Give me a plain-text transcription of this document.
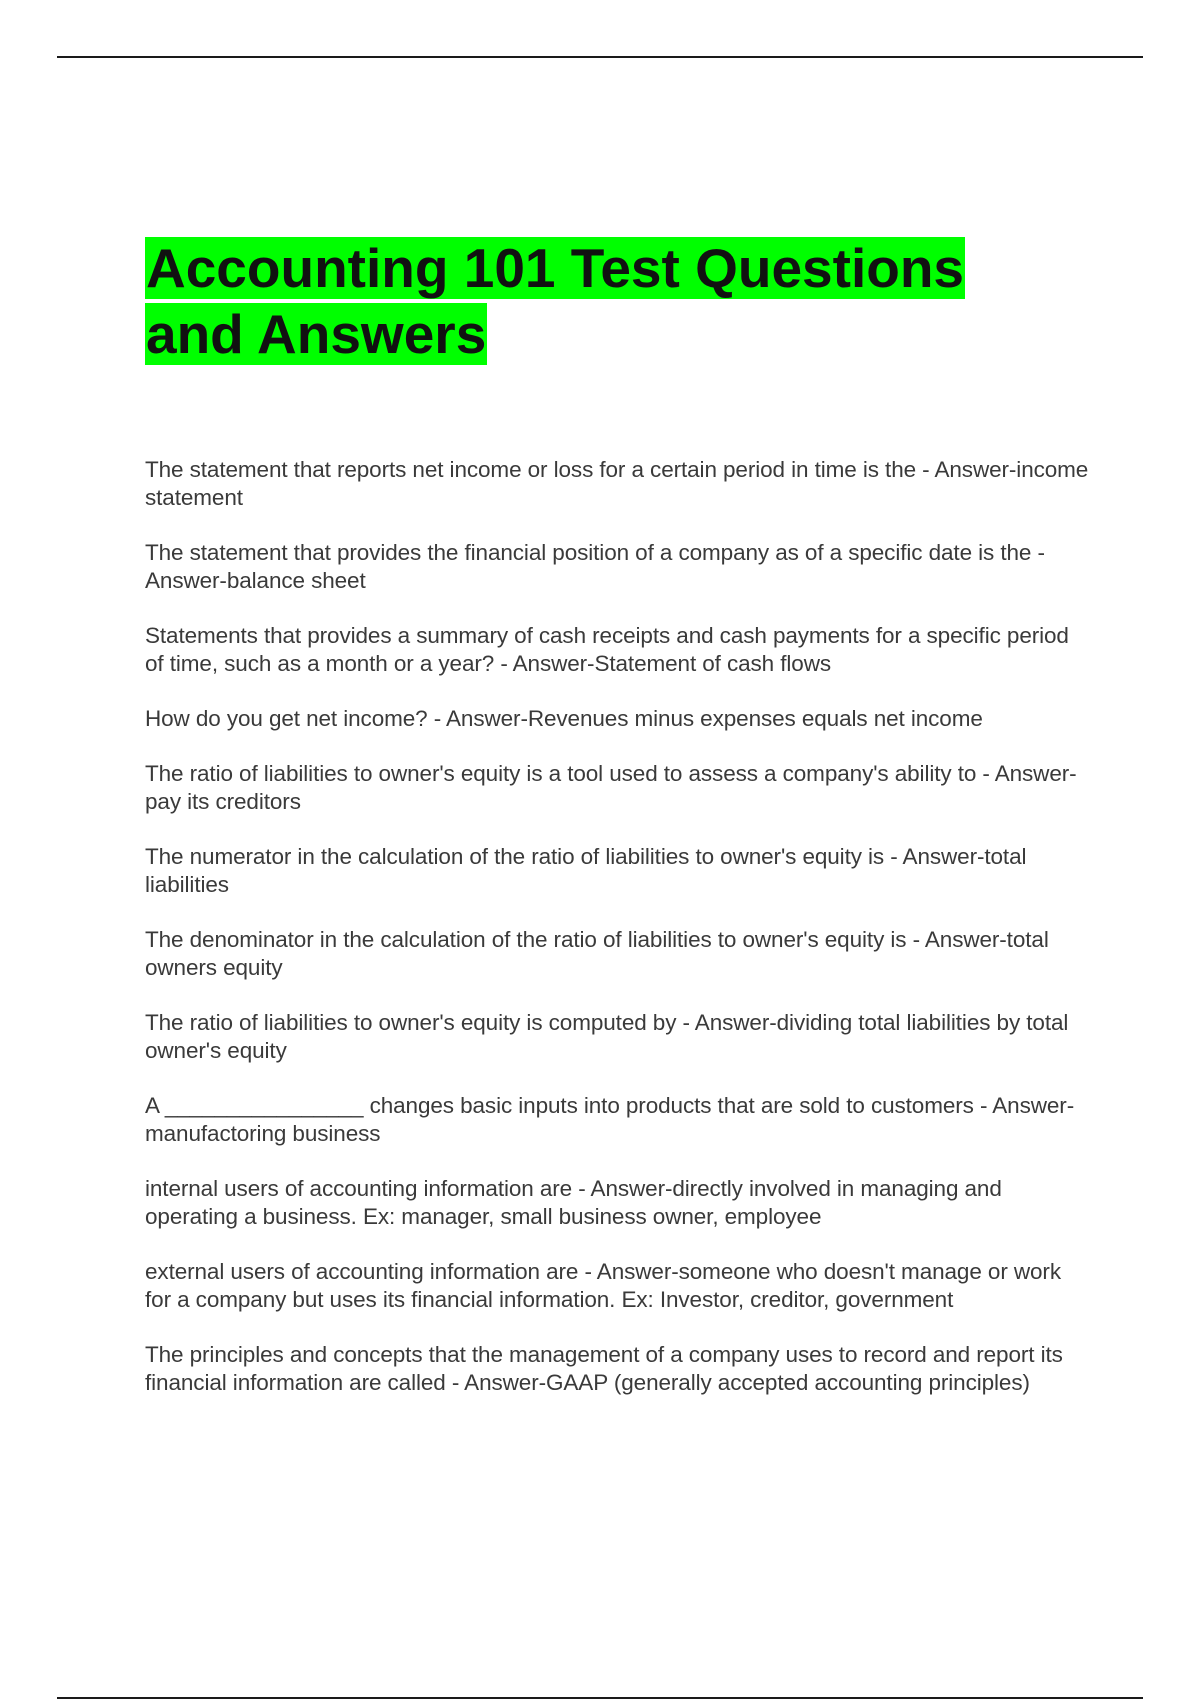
Accounting 101 Test Questions and Answers
The statement that reports net income or loss for a certain period in time is the - Answer-income statement
The statement that provides the financial position of a company as of a specific date is the - Answer-balance sheet
Statements that provides a summary of cash receipts and cash payments for a specific period of time, such as a month or a year? - Answer-Statement of cash flows
How do you get net income? - Answer-Revenues minus expenses equals net income
The ratio of liabilities to owner's equity is a tool used to assess a company's ability to - Answer-pay its creditors
The numerator in the calculation of the ratio of liabilities to owner's equity is - Answer-total liabilities
The denominator in the calculation of the ratio of liabilities to owner's equity is - Answer-total owners equity
The ratio of liabilities to owner's equity is computed by - Answer-dividing total liabilities by total owner's equity
A ________________ changes basic inputs into products that are sold to customers - Answer-manufactoring business
internal users of accounting information are - Answer-directly involved in managing and operating a business. Ex: manager, small business owner, employee
external users of accounting information are - Answer-someone who doesn't manage or work for a company but uses its financial information. Ex: Investor, creditor, government
The principles and concepts that the management of a company uses to record and report its financial information are called - Answer-GAAP (generally accepted accounting principles)
